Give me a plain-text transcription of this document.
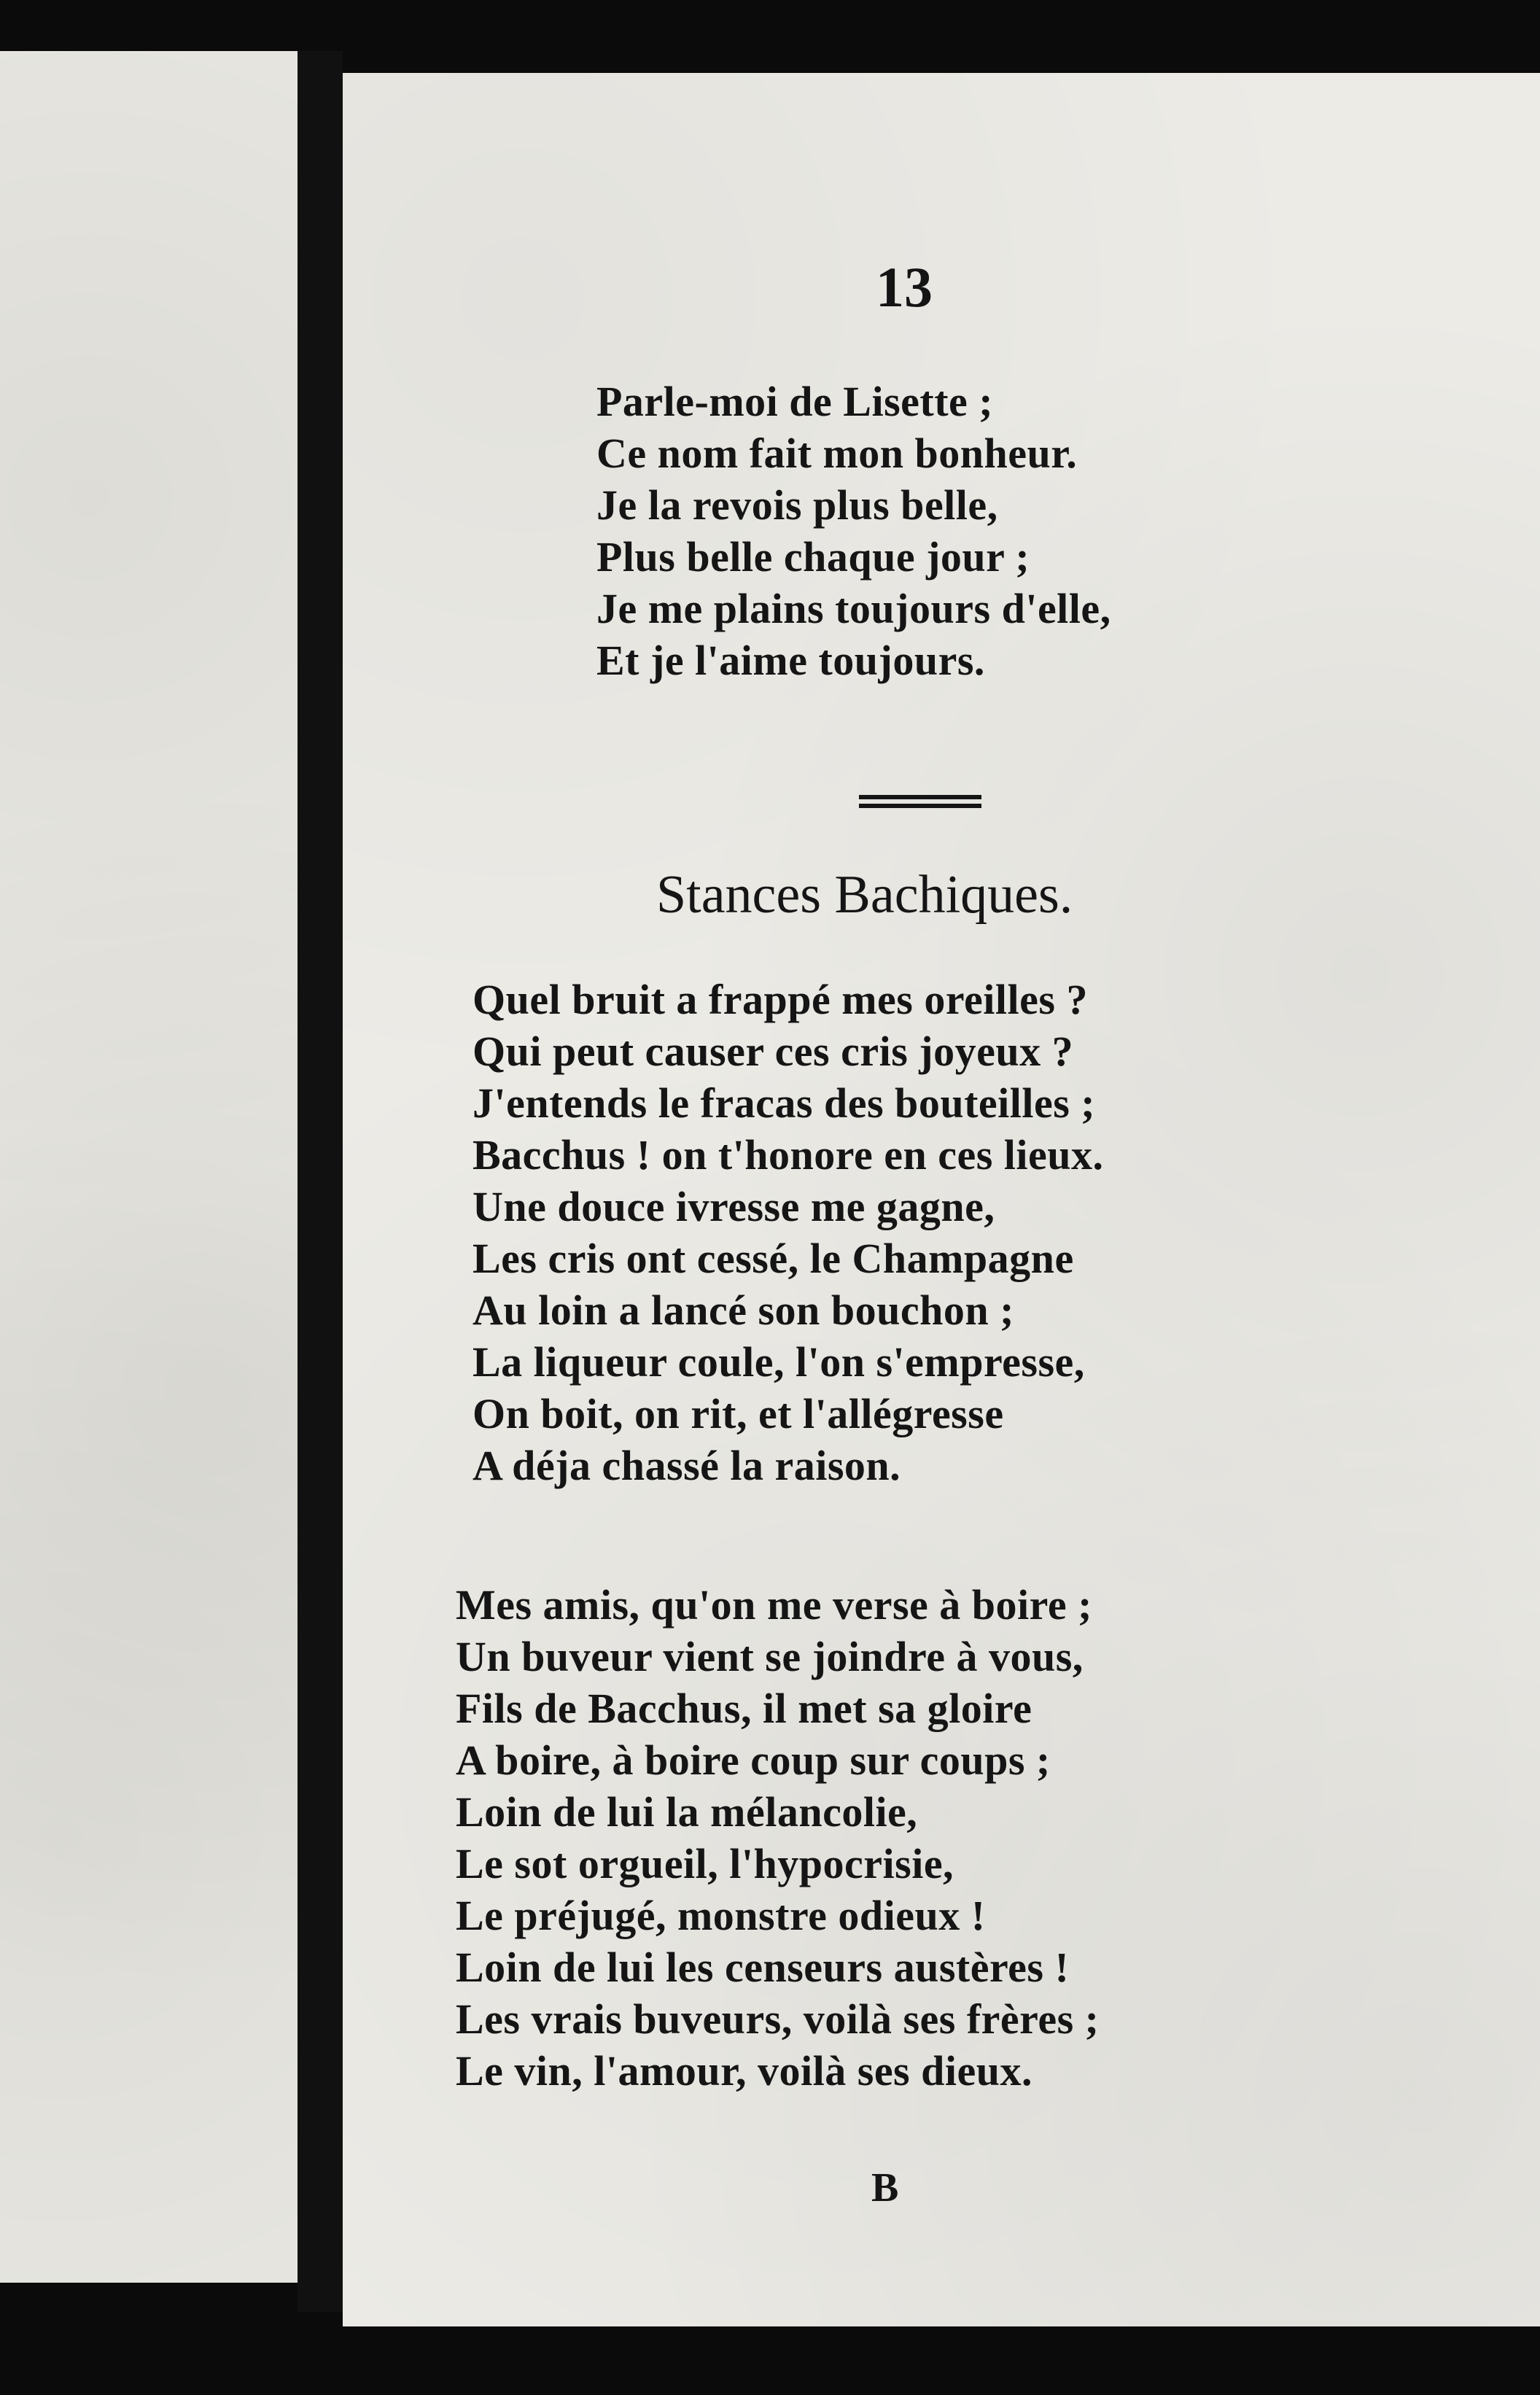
13
Parle-moi de Lisette ;
Ce nom fait mon bonheur.
Je la revois plus belle,
Plus belle chaque jour ;
Je me plains toujours d'elle,
Et je l'aime toujours.
Stances Bachiques.
Quel bruit a frappé mes oreilles ?
Qui peut causer ces cris joyeux ?
J'entends le fracas des bouteilles ;
Bacchus ! on t'honore en ces lieux.
Une douce ivresse me gagne,
Les cris ont cessé, le Champagne
Au loin a lancé son bouchon ;
La liqueur coule, l'on s'empresse,
On boit, on rit, et l'allégresse
A déja chassé la raison.
Mes amis, qu'on me verse à boire ;
Un buveur vient se joindre à vous,
Fils de Bacchus, il met sa gloire
A boire, à boire coup sur coups ;
Loin de lui la mélancolie,
Le sot orgueil, l'hypocrisie,
Le préjugé, monstre odieux !
Loin de lui les censeurs austères !
Les vrais buveurs, voilà ses frères ;
Le vin, l'amour, voilà ses dieux.
B
